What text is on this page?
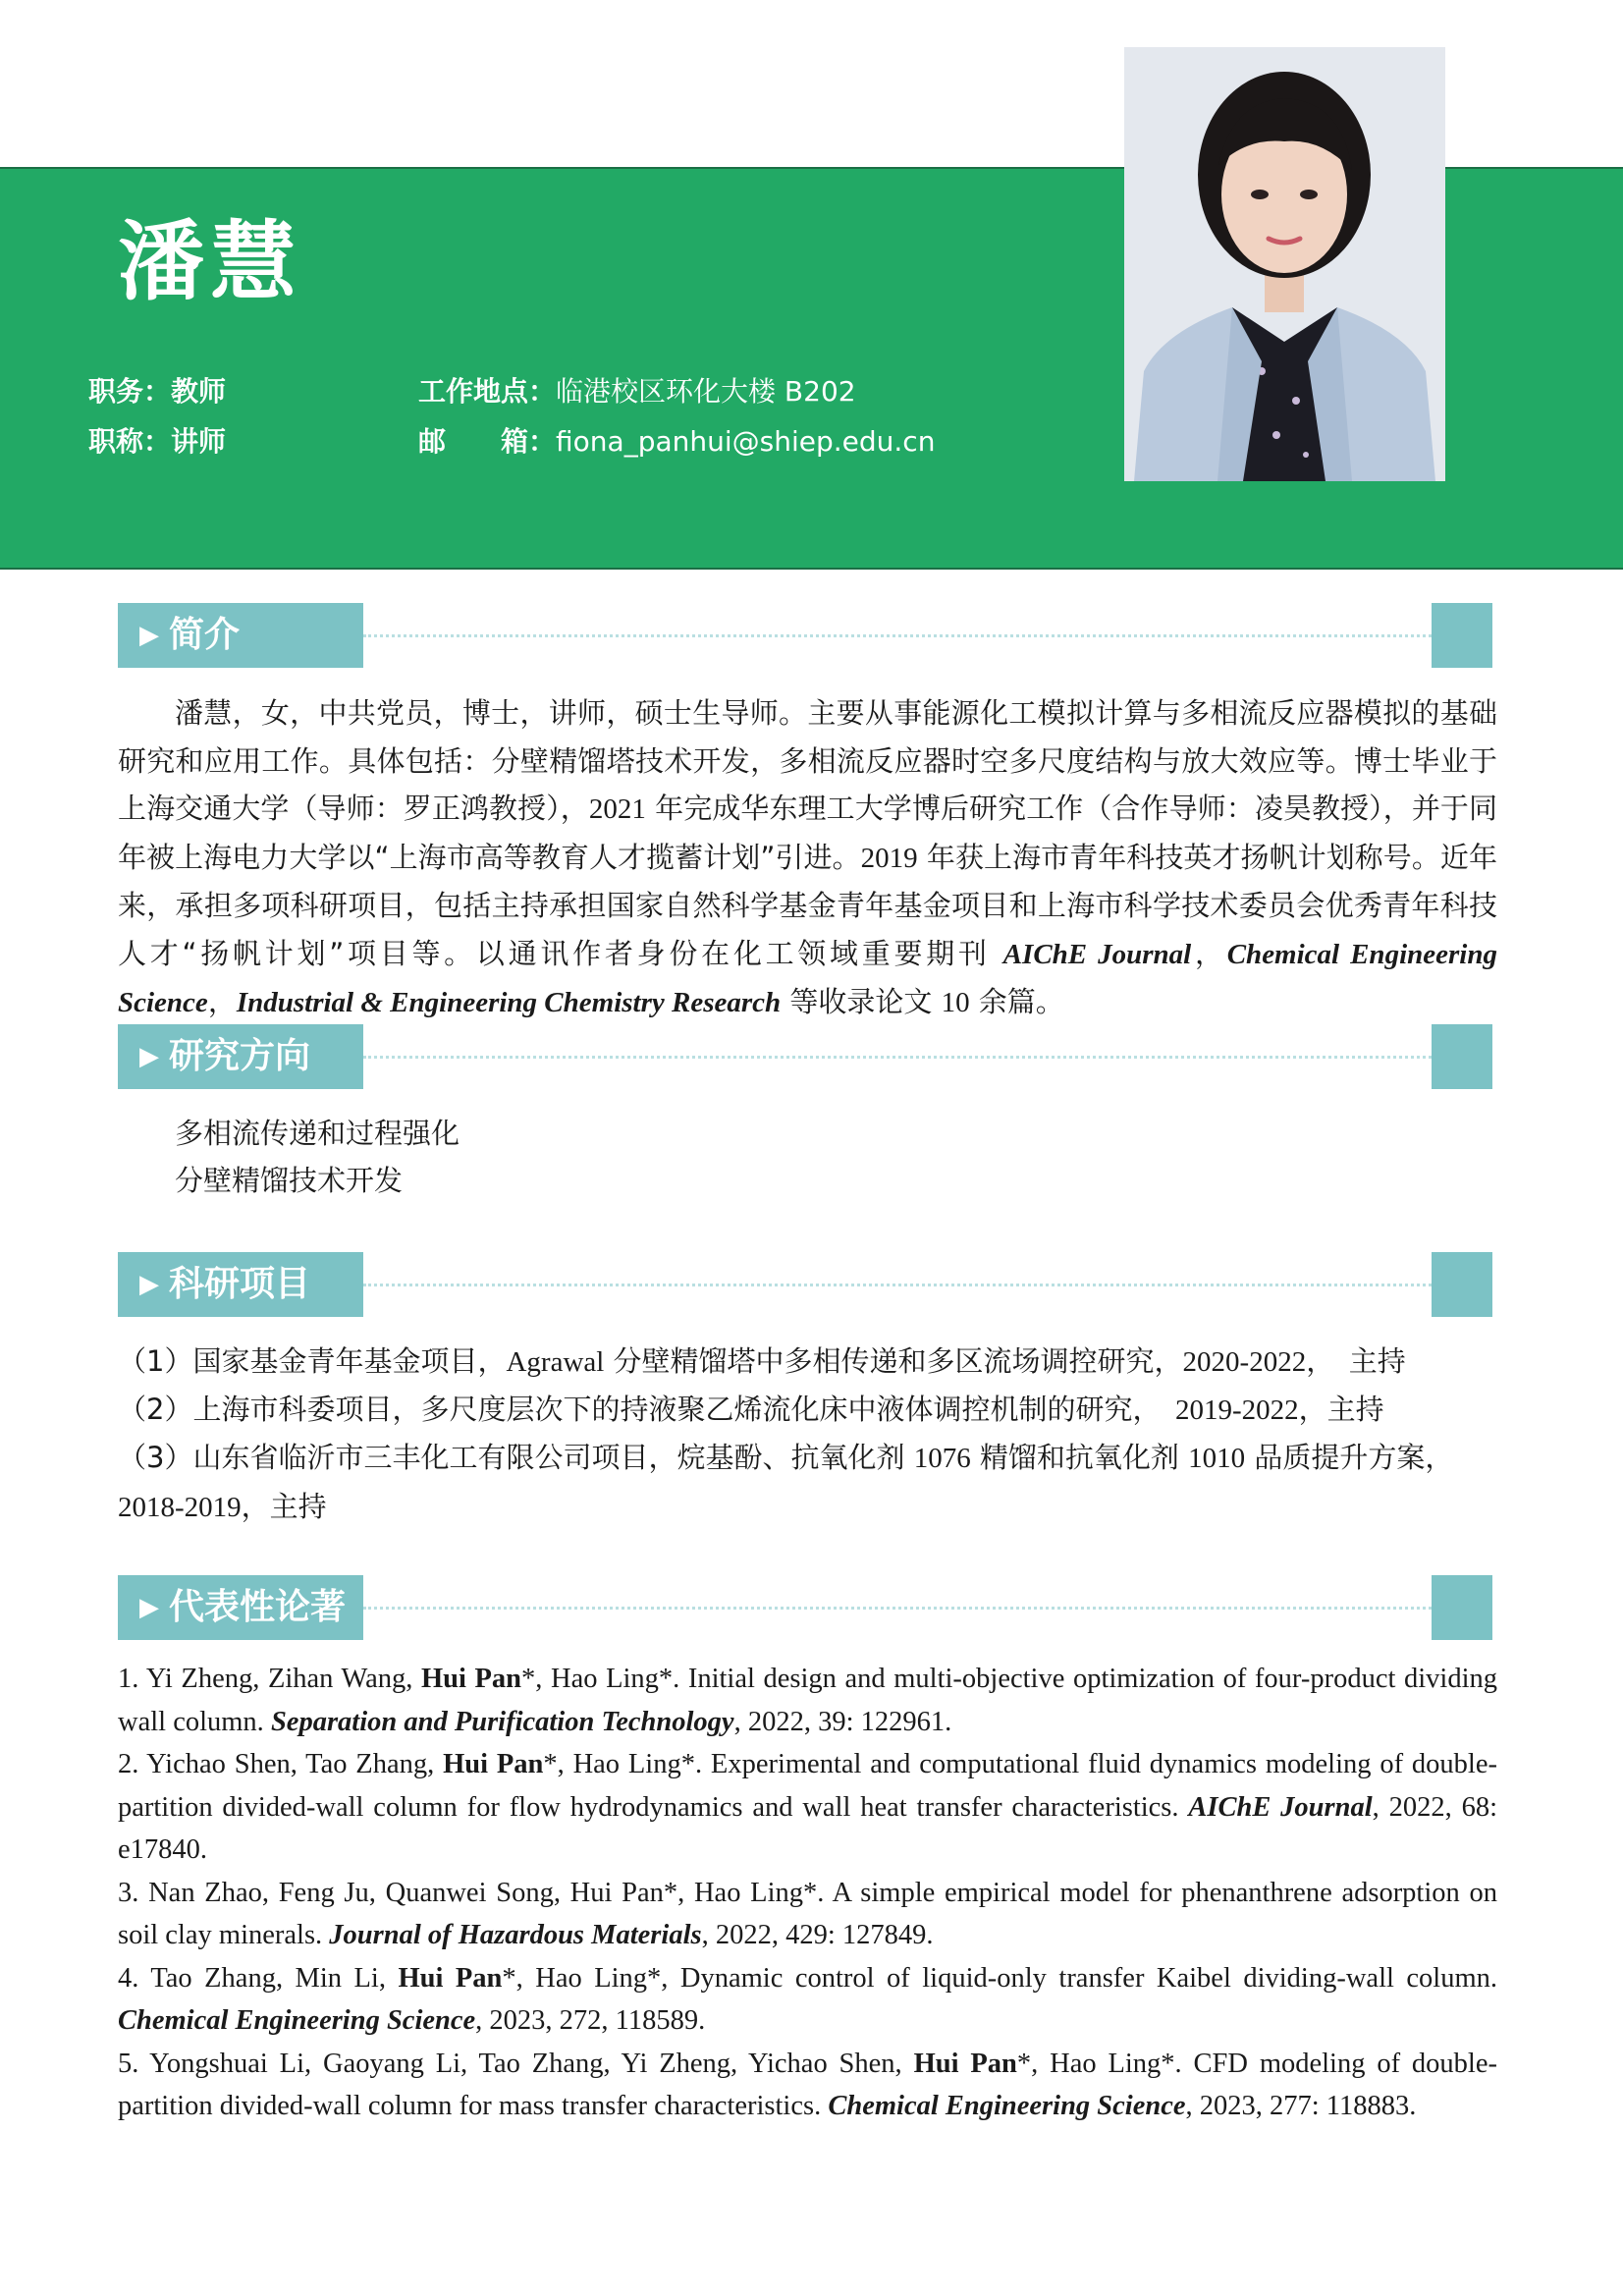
潘慧
职务：教师
职称：讲师
工作地点：临港校区环化大楼 B202
邮　　箱：fiona_panhui@shiep.edu.cn
▶ 简介

潘慧，女，中共党员，博士，讲师，硕士生导师。主要从事能源化工模拟计算与多相流反应器模拟的基础研究和应用工作。具体包括：分壁精馏塔技术开发，多相流反应器时空多尺度结构与放大效应等。博士毕业于上海交通大学（导师：罗正鸿教授），2021 年完成华东理工大学博后研究工作（合作导师：凌昊教授），并于同年被上海电力大学以“上海市高等教育人才揽蓄计划”引进。2019 年获上海市青年科技英才扬帆计划称号。近年来，承担多项科研项目，包括主持承担国家自然科学基金青年基金项目和上海市科学技术委员会优秀青年科技人才“扬帆计划”项目等。以通讯作者身份在化工领域重要期刊 AIChE Journal，Chemical Engineering Science，Industrial & Engineering Chemistry Research 等收录论文 10 余篇。

▶ 研究方向
多相流传递和过程强化
分壁精馏技术开发
▶ 科研项目
（1）国家基金青年基金项目，Agrawal 分壁精馏塔中多相传递和多区流场调控研究，2020-2022，　主持
（2）上海市科委项目，多尺度层次下的持液聚乙烯流化床中液体调控机制的研究，　2019-2022，主持
（3）山东省临沂市三丰化工有限公司项目，烷基酚、抗氧化剂 1076 精馏和抗氧化剂 1010 品质提升方案，
2018-2019，主持
▶ 代表性论著

1. Yi Zheng, Zihan Wang, Hui Pan*, Hao Ling*. Initial design and multi-objective optimization of four-product dividing wall column. Separation and Purification Technology, 2022, 39: 122961.

2. Yichao Shen, Tao Zhang, Hui Pan*, Hao Ling*. Experimental and computational fluid dynamics modeling of double-partition divided-wall column for flow hydrodynamics and wall heat transfer characteristics. AIChE Journal, 2022, 68: e17840.

3. Nan Zhao, Feng Ju, Quanwei Song, Hui Pan*, Hao Ling*. A simple empirical model for phenanthrene adsorption on soil clay minerals. Journal of Hazardous Materials, 2022, 429: 127849.

4. Tao Zhang, Min Li, Hui Pan*, Hao Ling*, Dynamic control of liquid-only transfer Kaibel dividing-wall column. Chemical Engineering Science, 2023, 272, 118589.

5. Yongshuai Li, Gaoyang Li, Tao Zhang, Yi Zheng, Yichao Shen, Hui Pan*, Hao Ling*. CFD modeling of double-partition divided-wall column for mass transfer characteristics. Chemical Engineering Science, 2023, 277: 118883.
